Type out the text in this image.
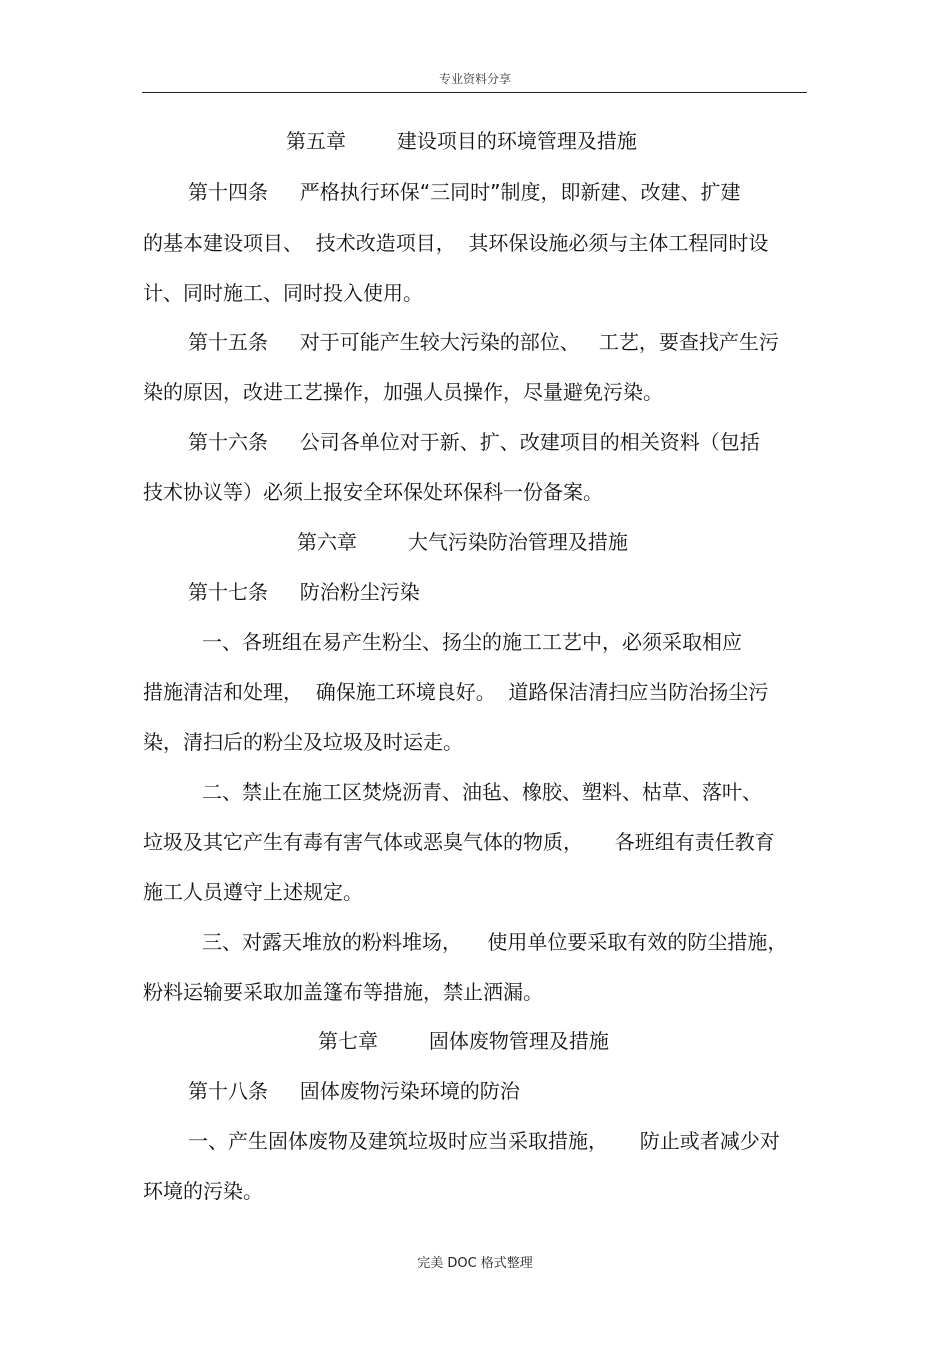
专业资料分享
第五章        建设项目的环境管理及措施
第十四条     严格执行环保“三同时”制度，即新建、改建、扩建
的基本建设项目、  技术改造项目，  其环保设施必须与主体工程同时设
计、同时施工、同时投入使用。
第十五条     对于可能产生较大污染的部位、   工艺，要查找产生污
染的原因，改进工艺操作，加强人员操作，尽量避免污染。
第十六条     公司各单位对于新、扩、改建项目的相关资料（包括
技术协议等）必须上报安全环保处环保科一份备案。
第六章        大气污染防治管理及措施
第十七条     防治粉尘污染
一、各班组在易产生粉尘、扬尘的施工工艺中，必须采取相应
措施清洁和处理，  确保施工环境良好。  道路保洁清扫应当防治扬尘污
染，清扫后的粉尘及垃圾及时运走。
二、禁止在施工区焚烧沥青、油毡、橡胶、塑料、枯草、落叶、
垃圾及其它产生有毒有害气体或恶臭气体的物质，     各班组有责任教育
施工人员遵守上述规定。
三、对露天堆放的粉料堆场，    使用单位要采取有效的防尘措施，
粉料运输要采取加盖篷布等措施，禁止洒漏。
第七章        固体废物管理及措施
第十八条     固体废物污染环境的防治
一、产生固体废物及建筑垃圾时应当采取措施，     防止或者减少对
环境的污染。
完美 DOC 格式整理
